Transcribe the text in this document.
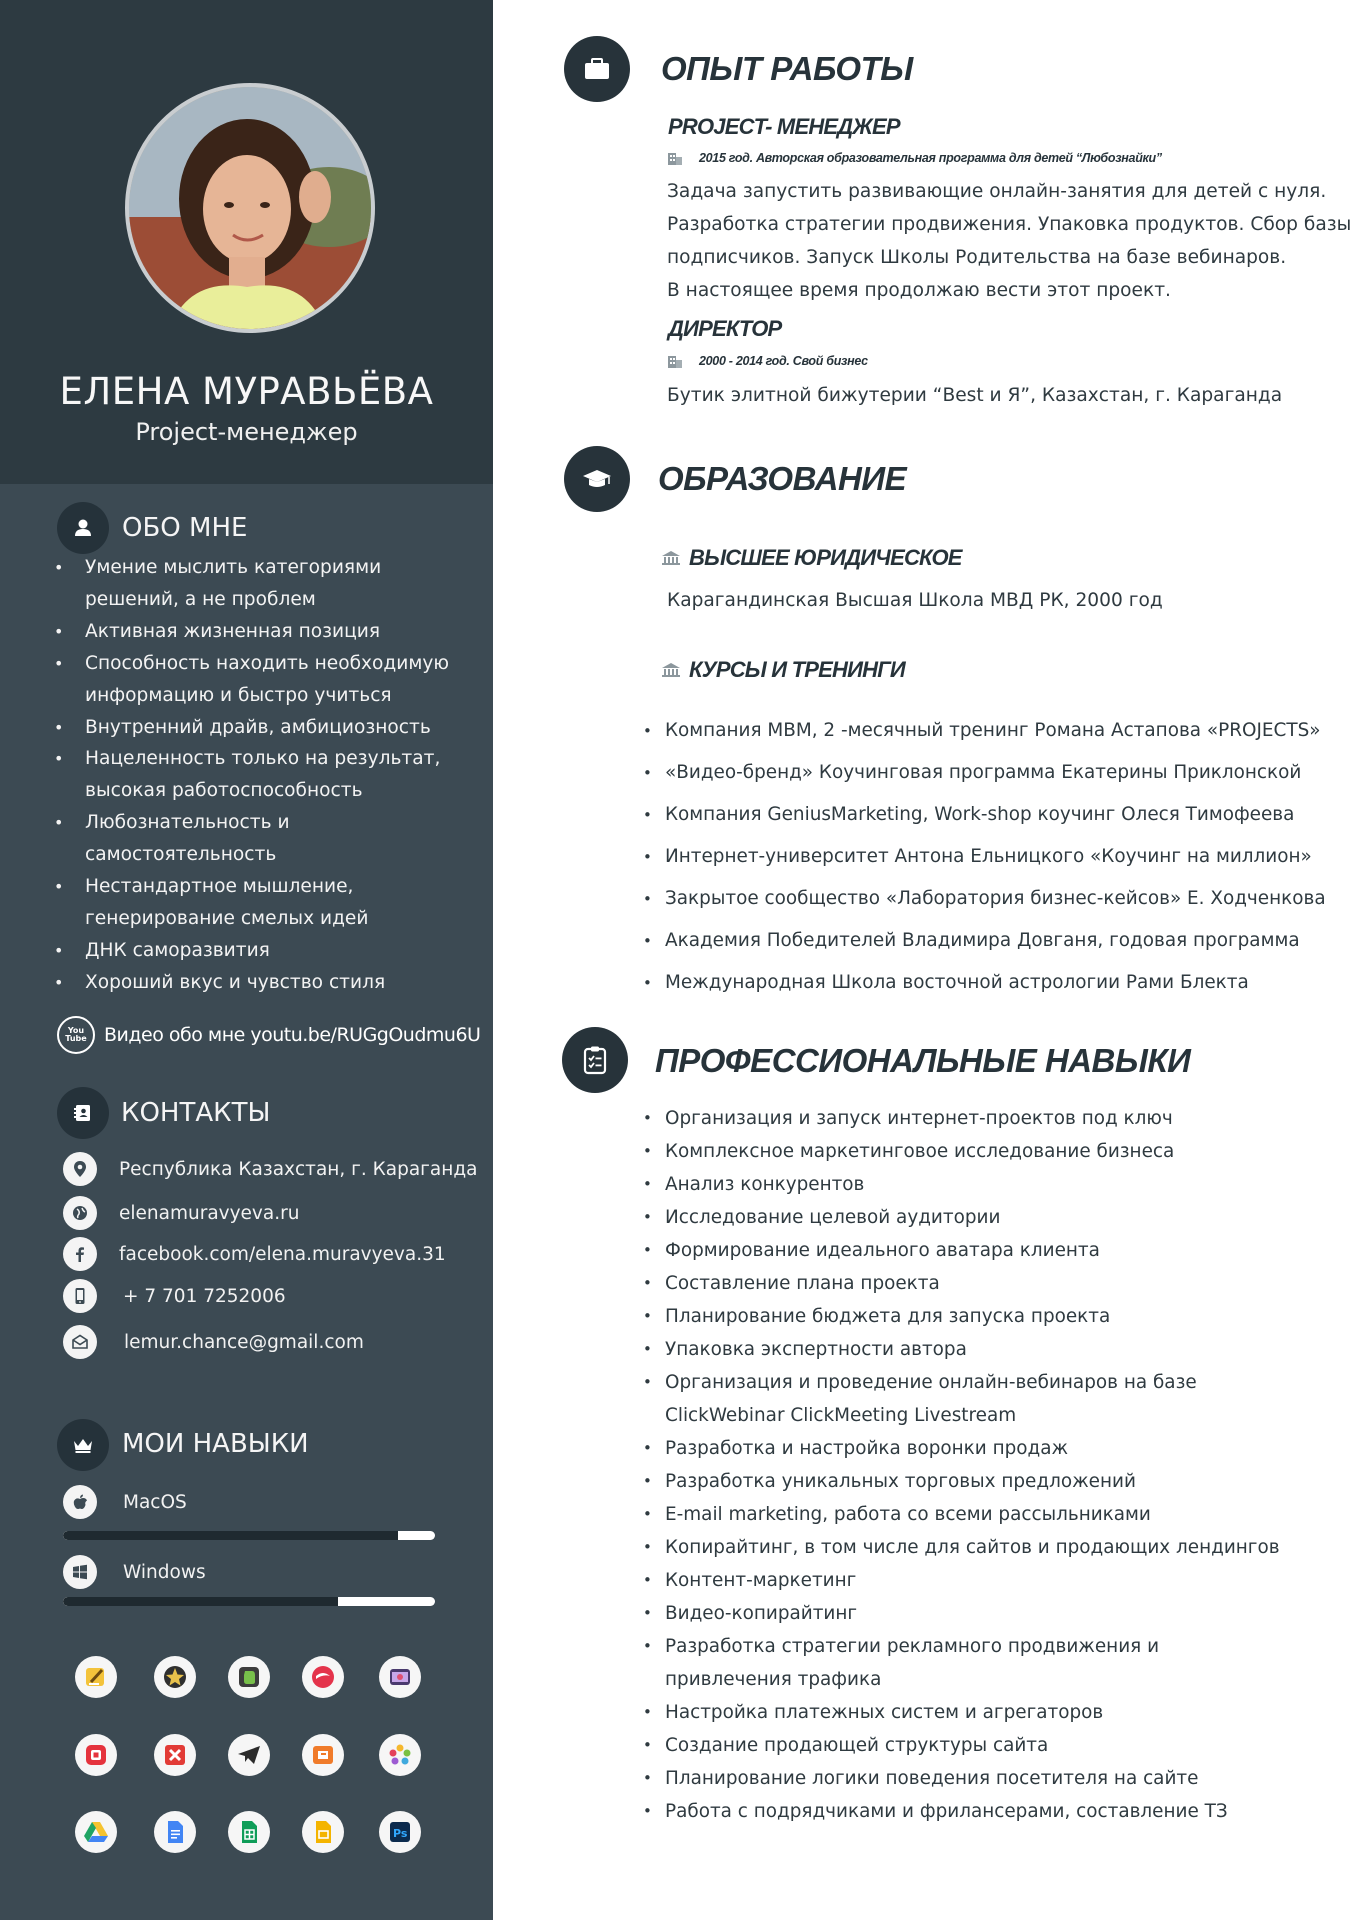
ЕЛЕНА МУРАВЬЁВА
Project-менеджер
ОБО МНЕ
• Умение мыслить категориями
решений, а не проблем
• Активная жизненная позиция
• Способность находить необходимую
информацию и быстро учиться
• Внутренний драйв, амбициозность
• Нацеленность только на результат,
высокая работоспособность
• Любознательность и
самостоятельность
• Нестандартное мышление,
генерирование смелых идей
• ДНК саморазвития
• Хороший вкус и чувство стиля
You
Tube Видео обо мне youtu.be/RUGgOudmu6U
КОНТАКТЫ
Республика Казахстан, г. Караганда
elenamuravyeva.ru
facebook.com/elena.muravyeva.31
+ 7 701 7252006
lemur.chance@gmail.com
МОИ НАВЫКИ
MacOS
Windows
Ps
ОПЫТ РАБОТЫ
PROJECT- МЕНЕДЖЕР
2015 год. Авторская образовательная программа для детей “Любознайки”
Задача запустить развивающие онлайн-занятия для детей с нуля.
Разработка стратегии продвижения. Упаковка продуктов. Сбор базы
подписчиков. Запуск Школы Родительства на базе вебинаров.
В настоящее время продолжаю вести этот проект.
ДИРЕКТОР
2000 - 2014 год. Свой бизнес
Бутик элитной бижутерии “Best и Я”, Казахстан, г. Караганда
ОБРАЗОВАНИЕ
ВЫСШЕЕ ЮРИДИЧЕСКОЕ
Карагандинская Высшая Школа МВД РК, 2000 год
КУРСЫ И ТРЕНИНГИ
• Компания МВМ, 2 -месячный тренинг Романа Астапова «PROJECTS»
• «Видео-бренд» Коучинговая программа Екатерины Приклонской
• Компания GeniusMarketing, Work-shop коучинг Олеся Тимофеева
• Интернет-университет Антона Ельницкого «Коучинг на миллион»
• Закрытое сообщество «Лаборатория бизнес-кейсов» Е. Ходченкова
• Академия Победителей Владимира Довганя, годовая программа
• Международная Школа восточной астрологии Рами Блекта
ПРОФЕССИОНАЛЬНЫЕ НАВЫКИ
• Организация и запуск интернет-проектов под ключ
• Комплексное маркетинговое исследование бизнеса
• Анализ конкурентов
• Исследование целевой аудитории
• Формирование идеального аватара клиента
• Составление плана проекта
• Планирование бюджета для запуска проекта
• Упаковка экспертности автора
• Организация и проведение онлайн-вебинаров на базе
ClickWebinar ClickMeeting Livestream
• Разработка и настройка воронки продаж
• Разработка уникальных торговых предложений
• E-mail marketing, работа со всеми рассыльниками
• Копирайтинг, в том числе для сайтов и продающих лендингов
• Контент-маркетинг
• Видео-копирайтинг
• Разработка стратегии рекламного продвижения и
привлечения трафика
• Настройка платежных систем и агрегаторов
• Создание продающей структуры сайта
• Планирование логики поведения посетителя на сайте
• Работа с подрядчиками и фрилансерами, составление ТЗ
